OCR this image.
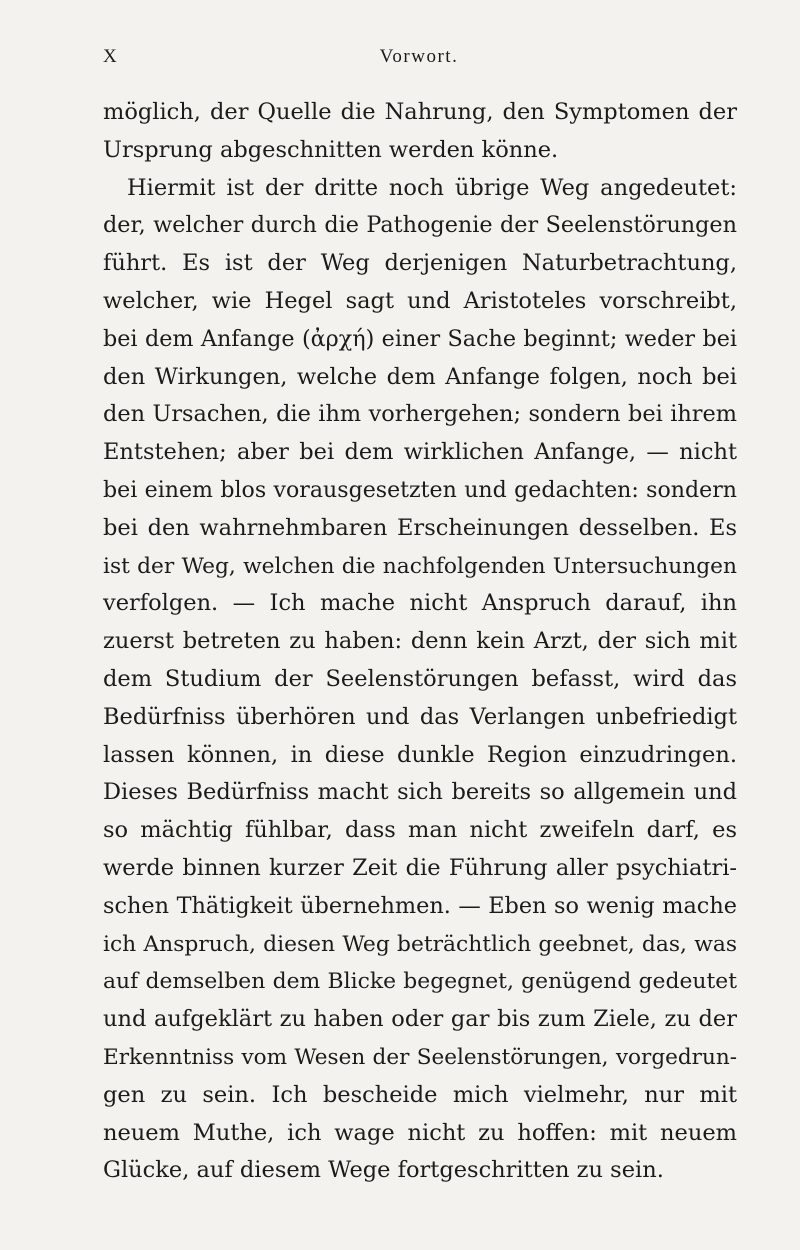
X	Vorwort.
möglich, der Quelle die Nahrung, den Symptomen der
Ursprung abgeschnitten werden könne.
Hiermit ist der dritte noch übrige Weg angedeutet:
der, welcher durch die Pathogenie der Seelenstörungen
führt. Es ist der Weg derjenigen Naturbetrachtung,
welcher, wie Hegel sagt und Aristoteles vorschreibt,
bei dem Anfange (ἀρχή) einer Sache beginnt; weder bei
den Wirkungen, welche dem Anfange folgen, noch bei
den Ursachen, die ihm vorhergehen; sondern bei ihrem
Entstehen; aber bei dem wirklichen Anfange, — nicht
bei einem blos vorausgesetzten und gedachten: sondern
bei den wahrnehmbaren Erscheinungen desselben. Es
ist der Weg, welchen die nachfolgenden Untersuchungen
verfolgen. — Ich mache nicht Anspruch darauf, ihn
zuerst betreten zu haben: denn kein Arzt, der sich mit
dem Studium der Seelenstörungen befasst, wird das
Bedürfniss überhören und das Verlangen unbefriedigt
lassen können, in diese dunkle Region einzudringen.
Dieses Bedürfniss macht sich bereits so allgemein und
so mächtig fühlbar, dass man nicht zweifeln darf, es
werde binnen kurzer Zeit die Führung aller psychiatri-
schen Thätigkeit übernehmen. — Eben so wenig mache
ich Anspruch, diesen Weg beträchtlich geebnet, das, was
auf demselben dem Blicke begegnet, genügend gedeutet
und aufgeklärt zu haben oder gar bis zum Ziele, zu der
Erkenntniss vom Wesen der Seelenstörungen, vorgedrun-
gen zu sein. Ich bescheide mich vielmehr, nur mit
neuem Muthe, ich wage nicht zu hoffen: mit neuem
Glücke, auf diesem Wege fortgeschritten zu sein.
